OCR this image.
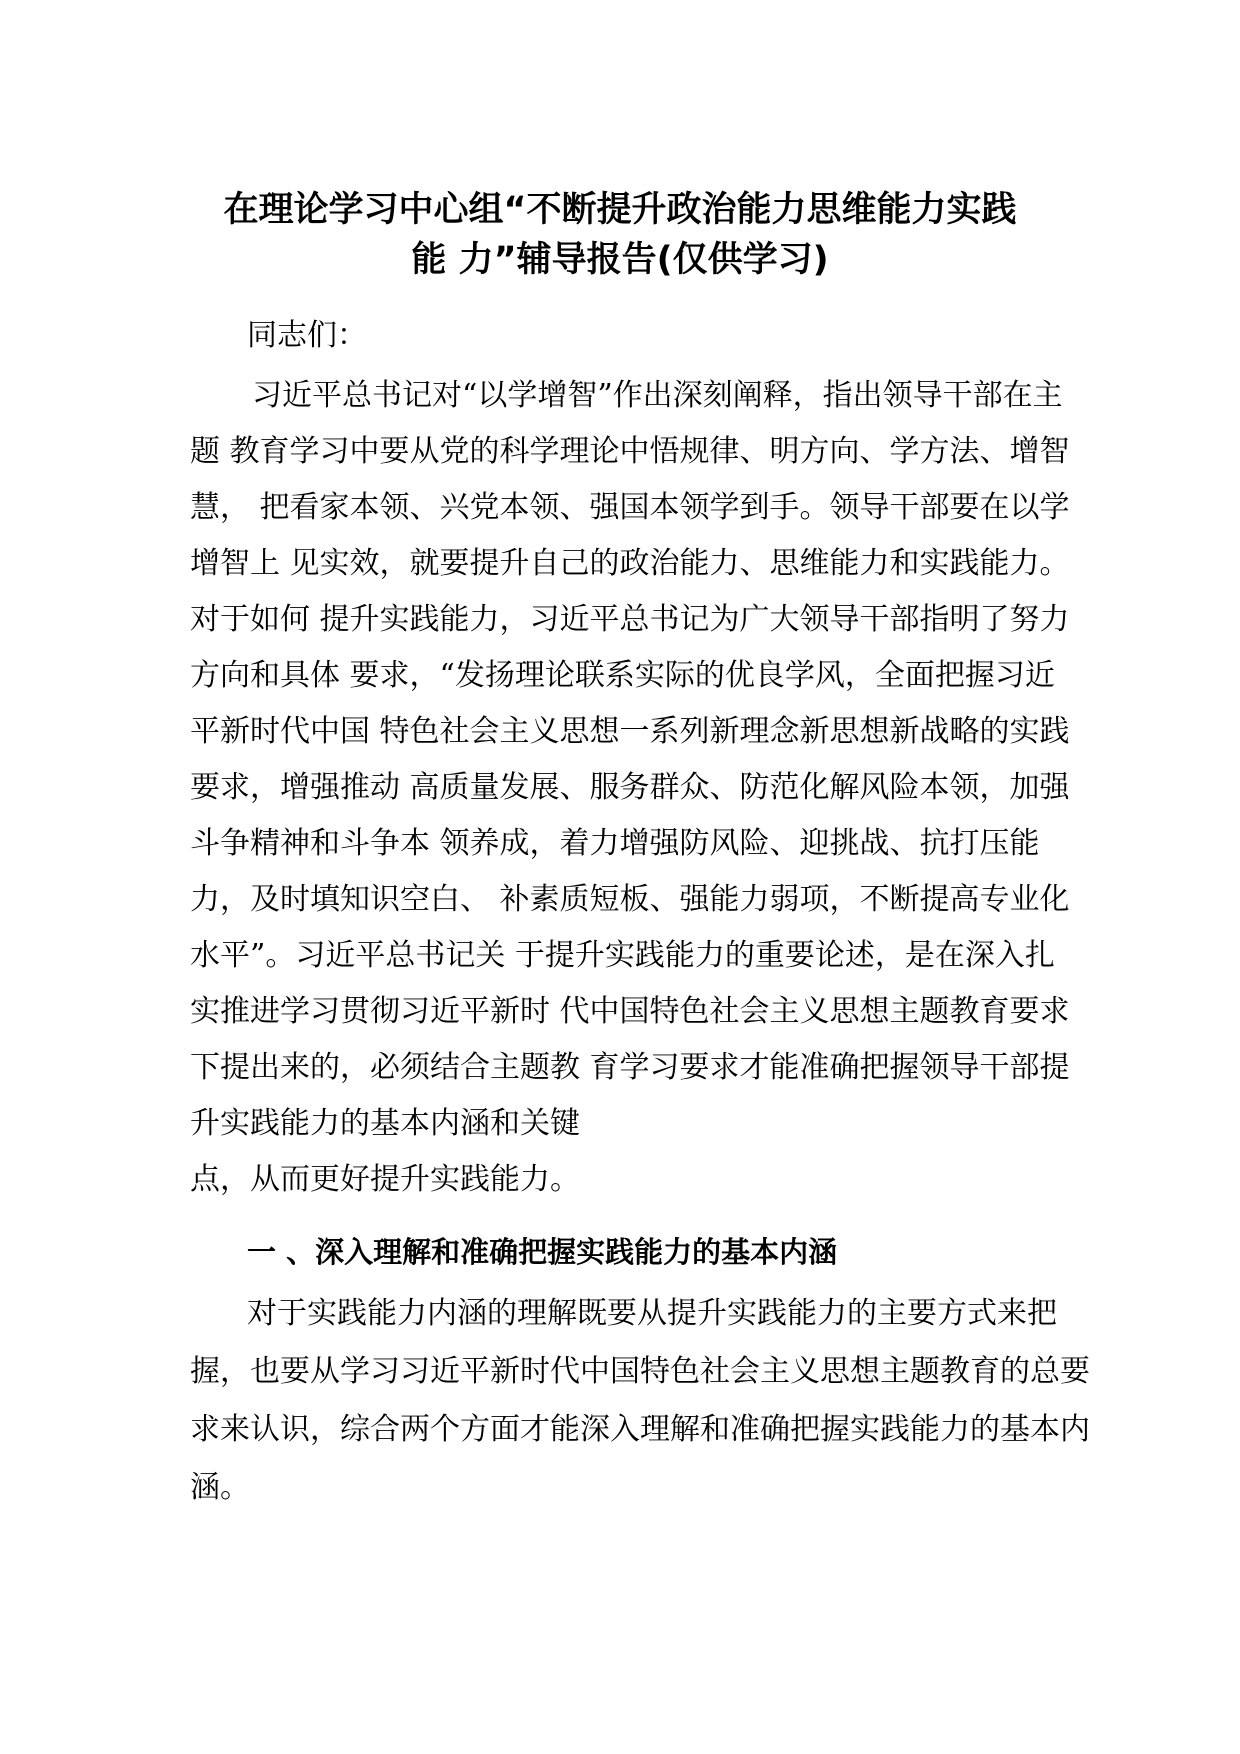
在理论学习中心组“不断提升政治能力思维能力实践
能 力”辅导报告(仅供学习)

同志们：

习近平总书记对“以学增智”作出深刻阐释，指出领导干部在主

题 教育学习中要从党的科学理论中悟规律、明方向、学方法、增智

慧， 把看家本领、兴党本领、强国本领学到手。领导干部要在以学

增智上 见实效，就要提升自己的政治能力、思维能力和实践能力。

对于如何 提升实践能力，习近平总书记为广大领导干部指明了努力

方向和具体 要求，“发扬理论联系实际的优良学风，全面把握习近

平新时代中国 特色社会主义思想一系列新理念新思想新战略的实践

要求，增强推动 高质量发展、服务群众、防范化解风险本领，加强

斗争精神和斗争本 领养成，着力增强防风险、迎挑战、抗打压能

力，及时填知识空白、 补素质短板、强能力弱项，不断提高专业化

水平”。习近平总书记关 于提升实践能力的重要论述，是在深入扎

实推进学习贯彻习近平新时 代中国特色社会主义思想主题教育要求

下提出来的，必须结合主题教 育学习要求才能准确把握领导干部提

升实践能力的基本内涵和关键

点，从而更好提升实践能力。

一 、深入理解和准确把握实践能力的基本内涵

对于实践能力内涵的理解既要从提升实践能力的主要方式来把

握，也要从学习习近平新时代中国特色社会主义思想主题教育的总要

求来认识，综合两个方面才能深入理解和准确把握实践能力的基本内

涵。
